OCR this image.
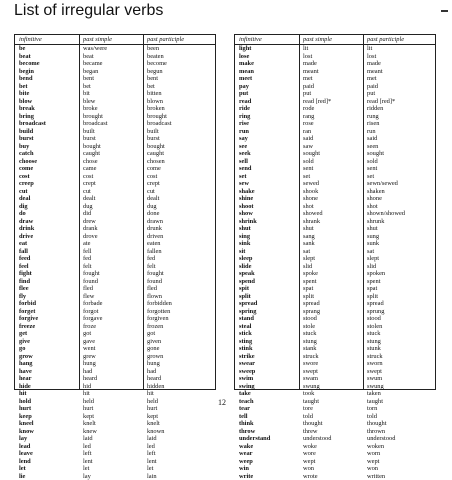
List of irregular verbs
infinitive	past simple	past participle
be	was/were	been
beat	beat	beaten
become	became	become
begin	began	begun
bend	bent	bent
bet	bet	bet
bite	bit	bitten
blow	blew	blown
break	broke	broken
bring	brought	brought
broadcast	broadcast	broadcast
build	built	built
burst	burst	burst
buy	bought	bought
catch	caught	caught
choose	chose	chosen
come	came	come
cost	cost	cost
creep	crept	crept
cut	cut	cut
deal	dealt	dealt
dig	dug	dug
do	did	done
draw	drew	drawn
drink	drank	drunk
drive	drove	driven
eat	ate	eaten
fall	fell	fallen
feed	fed	fed
feel	felt	felt
fight	fought	fought
find	found	found
flee	fled	fled
fly	flew	flown
forbid	forbade	forbidden
forget	forgot	forgotten
forgive	forgave	forgiven
freeze	froze	frozen
get	got	got
give	gave	given
go	went	gone
grow	grew	grown
hang	hung	hung
have	had	had
hear	heard	heard
hide	hid	hidden
hit	hit	hit
hold	held	held
hurt	hurt	hurt
keep	kept	kept
kneel	knelt	knelt
know	knew	known
lay	laid	laid
lead	led	led
leave	left	left
lend	lent	lent
let	let	let
lie	lay	lain
infinitive	past simple	past participle
light	lit	lit
lose	lost	lost
make	made	made
mean	meant	meant
meet	met	met
pay	paid	paid
put	put	put
read	read [red]*	read [red]*
ride	rode	ridden
ring	rang	rung
rise	rose	risen
run	ran	run
say	said	said
see	saw	seen
seek	sought	sought
sell	sold	sold
send	sent	sent
set	set	set
sew	sewed	sewn/sewed
shake	shook	shaken
shine	shone	shone
shoot	shot	shot
show	showed	shown/showed
shrink	shrank	shrunk
shut	shut	shut
sing	sang	sung
sink	sank	sunk
sit	sat	sat
sleep	slept	slept
slide	slid	slid
speak	spoke	spoken
spend	spent	spent
spit	spat	spat
split	split	split
spread	spread	spread
spring	sprang	sprung
stand	stood	stood
steal	stole	stolen
stick	stuck	stuck
sting	stung	stung
stink	stank	stunk
strike	struck	struck
swear	swore	sworn
sweep	swept	swept
swim	swam	swum
swing	swung	swung
take	took	taken
teach	taught	taught
tear	tore	torn
tell	told	told
think	thought	thought
throw	threw	thrown
understand	understood	understood
wake	woke	woken
wear	wore	worn
weep	wept	wept
win	won	won
write	wrote	written
12
